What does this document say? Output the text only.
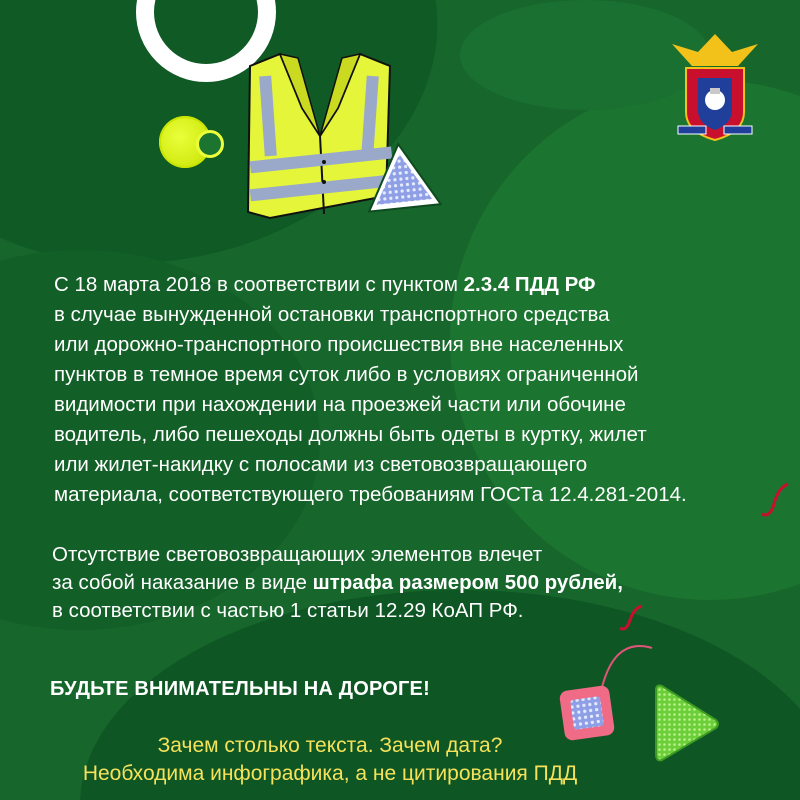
С 18 марта 2018 в соответствии с пунктом 2.3.4 ПДД РФ
в случае вынужденной остановки транспортного средства
или дорожно-транспортного происшествия вне населенных
пунктов в темное время суток либо в условиях ограниченной
видимости при нахождении на проезжей части или обочине
водитель, либо пешеходы должны быть одеты в куртку, жилет
или жилет-накидку с полосами из световозвращающего
материала, соответствующего требованиям ГОСТа 12.4.281-2014.

Отсутствие световозвращающих элементов влечет
за собой наказание в виде штрафа размером 500 рублей,
в соответствии с частью 1 статьи 12.29 КоАП РФ.

БУДЬТЕ ВНИМАТЕЛЬНЫ НА ДОРОГЕ!
Зачем столько текста. Зачем дата?
Необходима инфографика, а не цитирования ПДД
